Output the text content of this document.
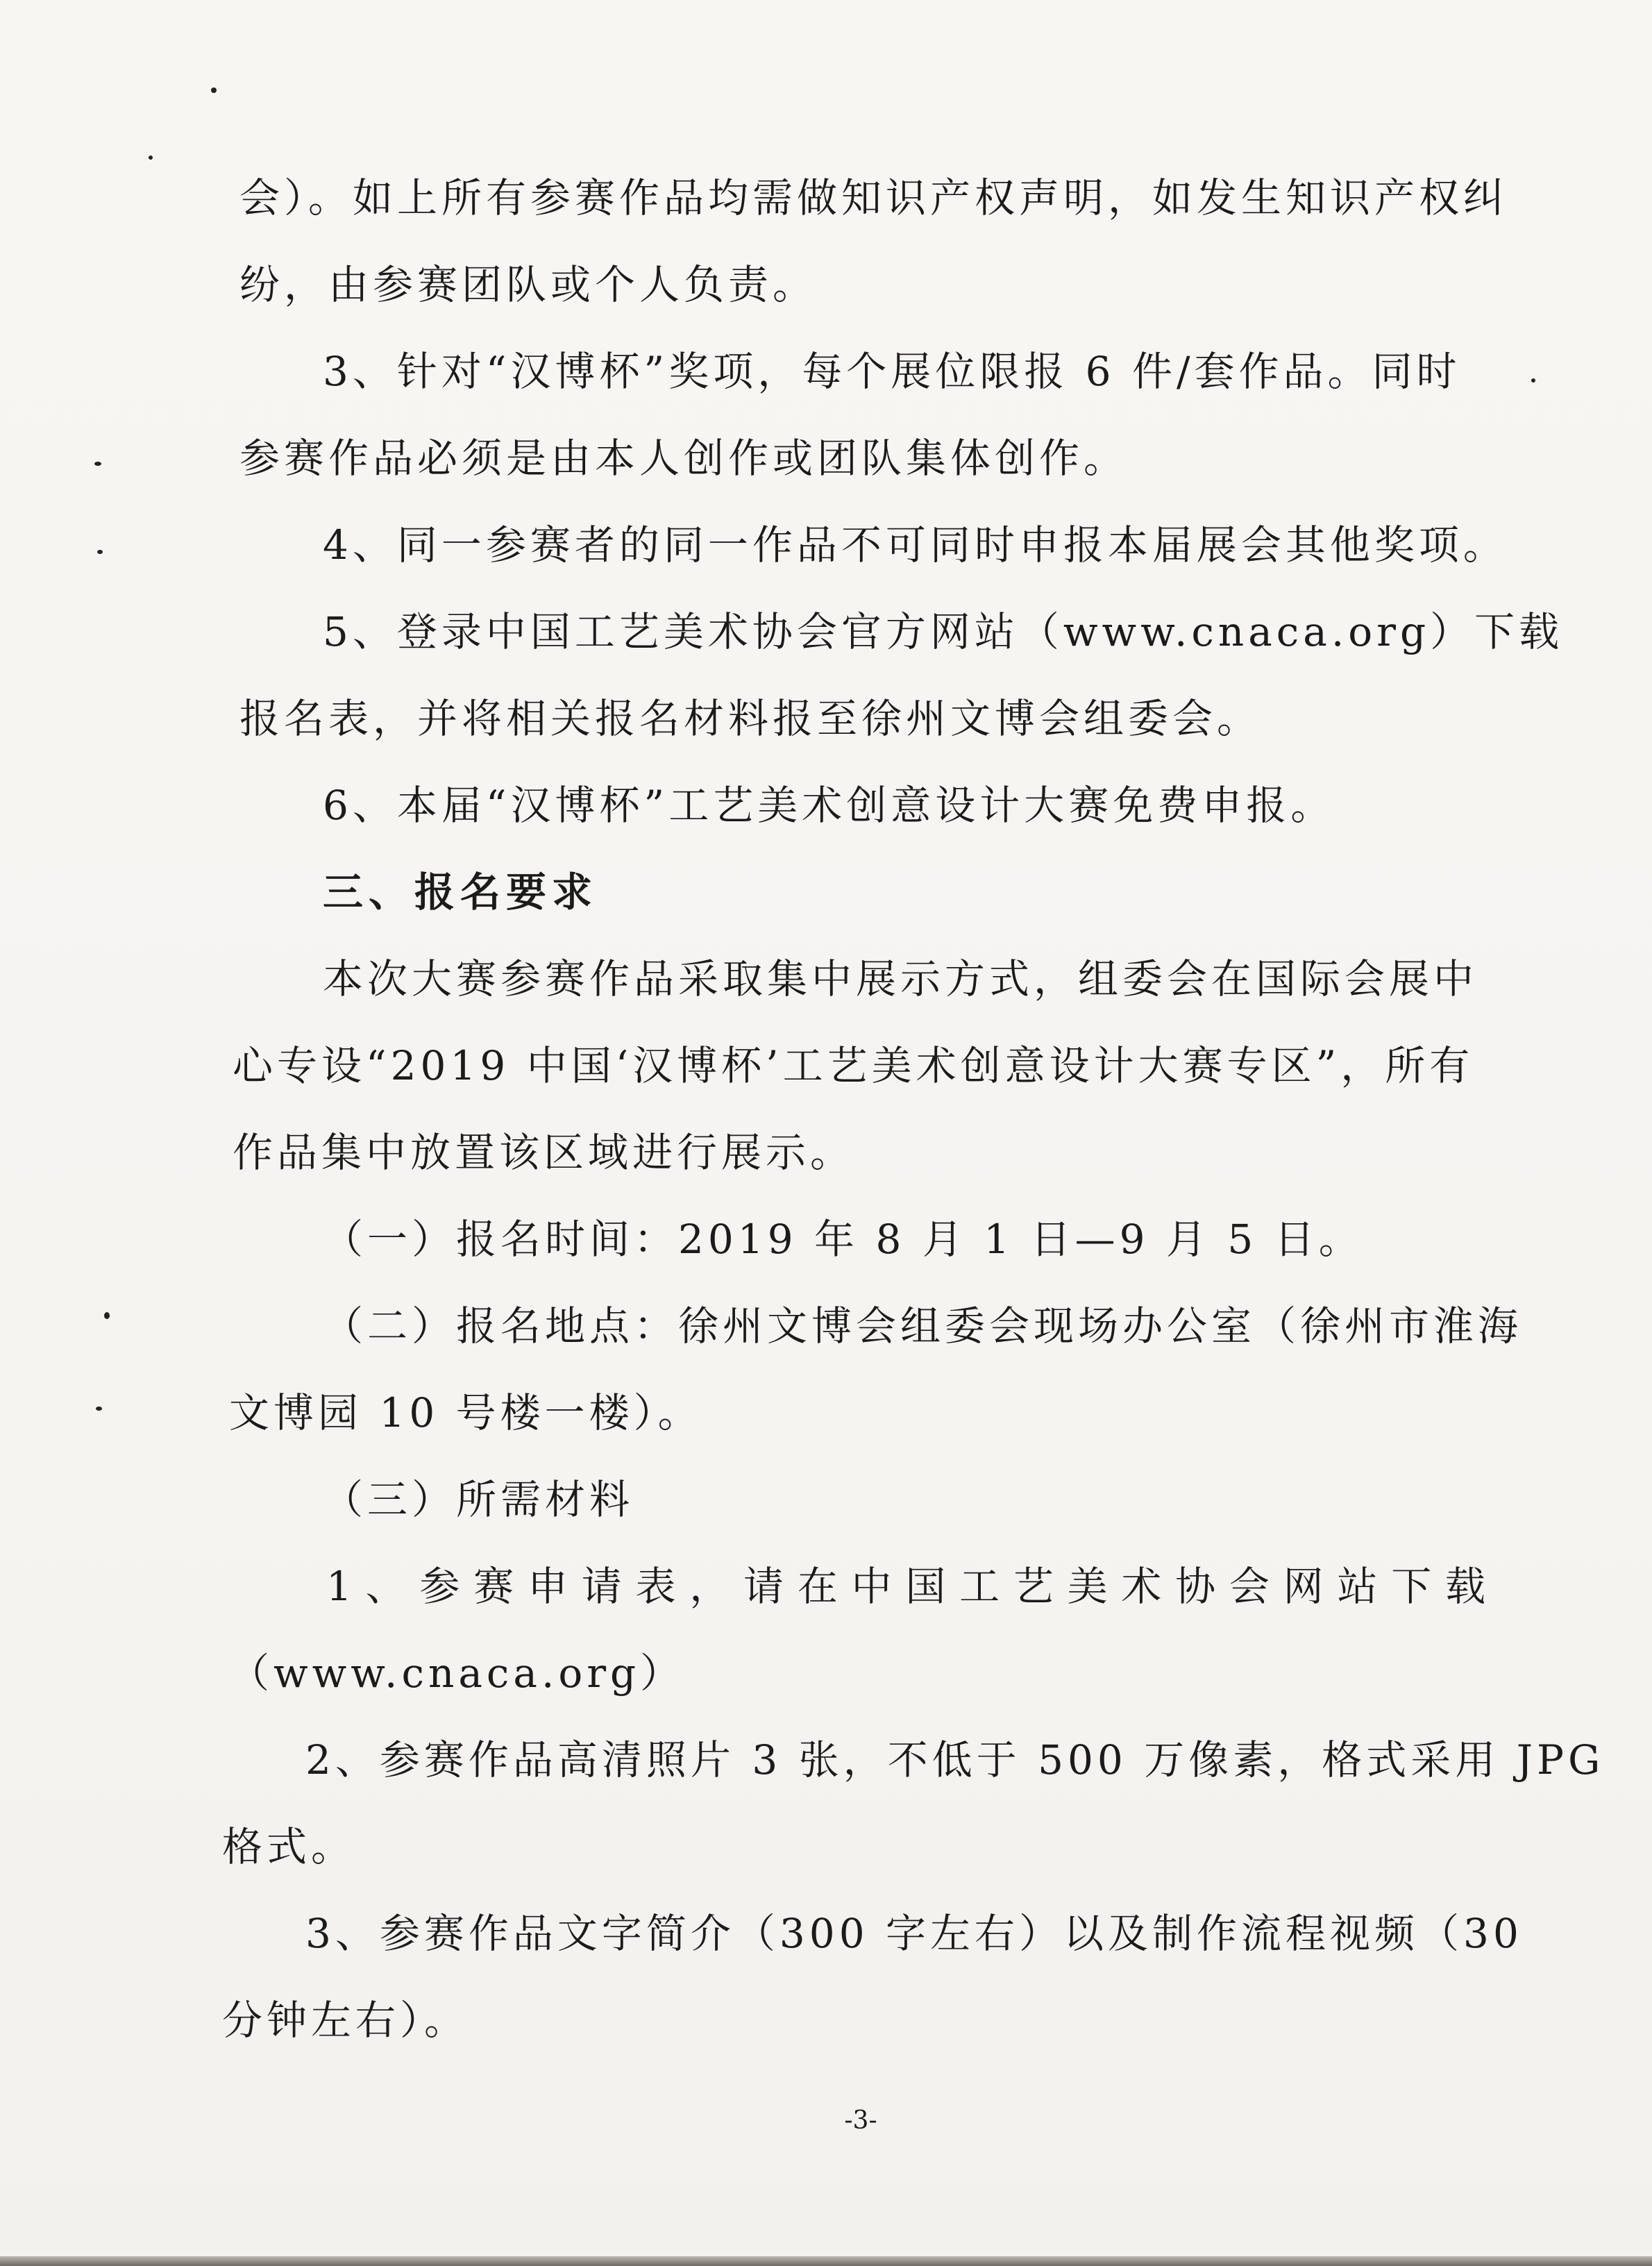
会）。如上所有参赛作品均需做知识产权声明，如发生知识产权纠
纷，由参赛团队或个人负责。
3、针对“汉博杯”奖项，每个展位限报 6 件/套作品。同时
参赛作品必须是由本人创作或团队集体创作。
4、同一参赛者的同一作品不可同时申报本届展会其他奖项。
5、登录中国工艺美术协会官方网站（www.cnaca.org）下载
报名表，并将相关报名材料报至徐州文博会组委会。
6、本届“汉博杯”工艺美术创意设计大赛免费申报。
三、报名要求
本次大赛参赛作品采取集中展示方式，组委会在国际会展中
心专设“2019 中国‘汉博杯’工艺美术创意设计大赛专区”，所有
作品集中放置该区域进行展示。
（一）报名时间：2019 年 8 月 1 日—9 月 5 日。
（二）报名地点：徐州文博会组委会现场办公室（徐州市淮海
文博园 10 号楼一楼）。
（三）所需材料
1 、 参 赛 申 请 表 ， 请 在 中 国 工 艺 美 术 协 会 网 站 下 载
（www.cnaca.org）
2、参赛作品高清照片 3 张，不低于 500 万像素，格式采用 JPG
格式。
3、参赛作品文字简介（300 字左右）以及制作流程视频（30
分钟左右）。
-3-
